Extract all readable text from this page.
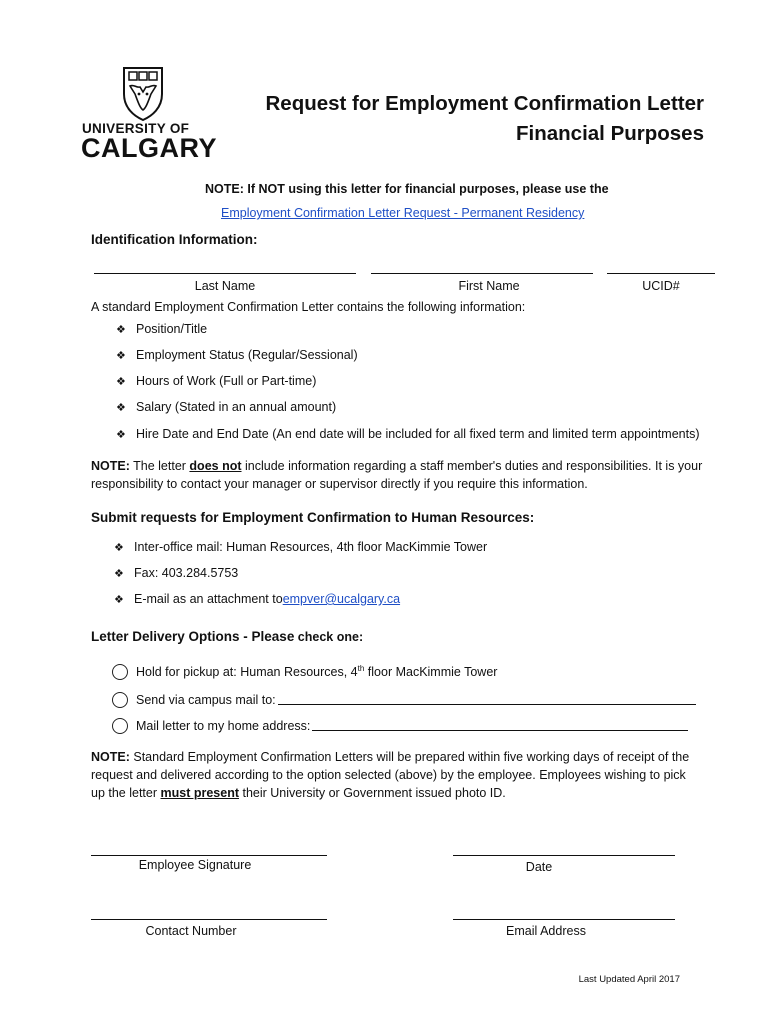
UNIVERSITY OF
CALGARY
Request for Employment Confirmation Letter
Financial Purposes
NOTE: If NOT using this letter for financial purposes, please use the
Employment Confirmation Letter Request - Permanent Residency
Identification Information:
Last Name	First Name	UCID#
A standard Employment Confirmation Letter contains the following information:
❖ Position/Title
❖ Employment Status (Regular/Sessional)
❖ Hours of Work (Full or Part-time)
❖ Salary (Stated in an annual amount)
❖ Hire Date and End Date (An end date will be included for all fixed term and limited term appointments)
NOTE: The letter does not include information regarding a staff member's duties and responsibilities. It is your responsibility to contact your manager or supervisor directly if you require this information.
Submit requests for Employment Confirmation to Human Resources:
❖ Inter-office mail: Human Resources, 4th floor MacKimmie Tower
❖ Fax: 403.284.5753
❖ E-mail as an attachment to empver@ucalgary.ca
Letter Delivery Options - Please check one:
Hold for pickup at: Human Resources, 4th floor MacKimmie Tower
Send via campus mail to:
Mail letter to my home address:
NOTE: Standard Employment Confirmation Letters will be prepared within five working days of receipt of the request and delivered according to the option selected (above) by the employee. Employees wishing to pick up the letter must present their University or Government issued photo ID.
Employee Signature	Date
Contact Number	Email Address
Last Updated April 2017
